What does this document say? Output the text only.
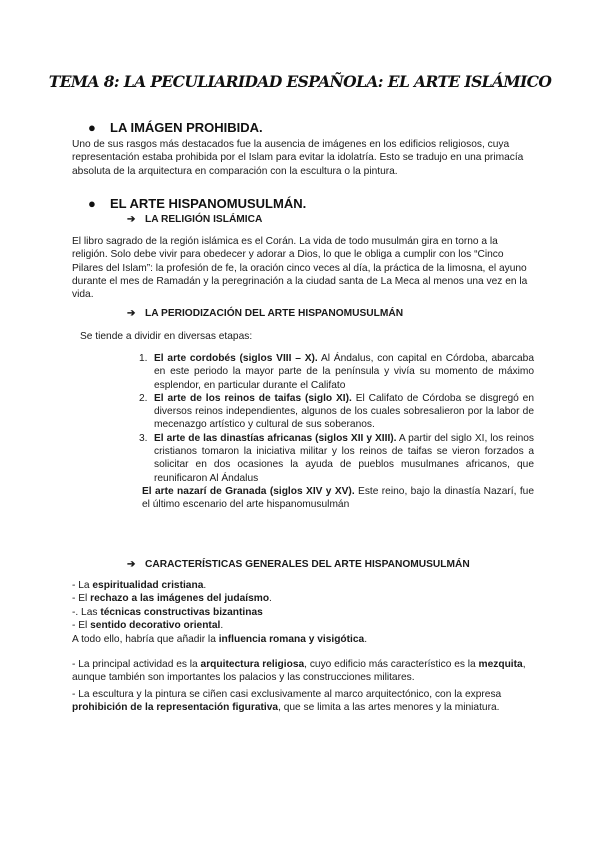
TEMA 8: LA PECULIARIDAD ESPAÑOLA: EL ARTE ISLÁMICO
● LA IMÁGEN PROHIBIDA.

Uno de sus rasgos más destacados fue la ausencia de imágenes en los edificios religiosos, cuya representación estaba prohibida por el Islam para evitar la idolatría. Esto se tradujo en una primacía absoluta de la arquitectura en comparación con la escultura o la pintura.

● EL ARTE HISPANOMUSULMÁN.
➔ LA RELIGIÓN ISLÁMICA

El libro sagrado de la región islámica es el Corán. La vida de todo musulmán gira en torno a la religión. Solo debe vivir para obedecer y adorar a Dios, lo que le obliga a cumplir con los “Cinco Pilares del Islam”: la profesión de fe, la oración cinco veces al día, la práctica de la limosna, el ayuno durante el mes de Ramadán y la peregrinación a la ciudad santa de La Meca al menos una vez en la vida.

➔ LA PERIODIZACIÓN DEL ARTE HISPANOMUSULMÁN

Se tiende a dividir en diversas etapas:

1. El arte cordobés (siglos VIII – X). Al Ándalus, con capital en Córdoba, abarcaba en este periodo la mayor parte de la península y vivía su momento de máximo esplendor, en particular durante el Califato
2. El arte de los reinos de taifas (siglo XI). El Califato de Córdoba se disgregó en diversos reinos independientes, algunos de los cuales sobresalieron por la labor de mecenazgo artístico y cultural de sus soberanos.
3. El arte de las dinastías africanas (siglos XII y XIII). A partir del siglo XI, los reinos cristianos tomaron la iniciativa militar y los reinos de taifas se vieron forzados a solicitar en dos ocasiones la ayuda de pueblos musulmanes africanos, que reunificaron Al Ándalus
El arte nazarí de Granada (siglos XIV y XV). Este reino, bajo la dinastía Nazarí, fue el último escenario del arte hispanomusulmán
➔ CARACTERÍSTICAS GENERALES DEL ARTE HISPANOMUSULMÁN
- La espiritualidad cristiana.
- El rechazo a las imágenes del judaísmo.
-. Las técnicas constructivas bizantinas
- El sentido decorativo oriental.
A todo ello, habría que añadir la influencia romana y visigótica.

- La principal actividad es la arquitectura religiosa, cuyo edificio más característico es la mezquita, aunque también son importantes los palacios y las construcciones militares.

- La escultura y la pintura se ciñen casi exclusivamente al marco arquitectónico, con la expresa prohibición de la representación figurativa, que se limita a las artes menores y la miniatura.
